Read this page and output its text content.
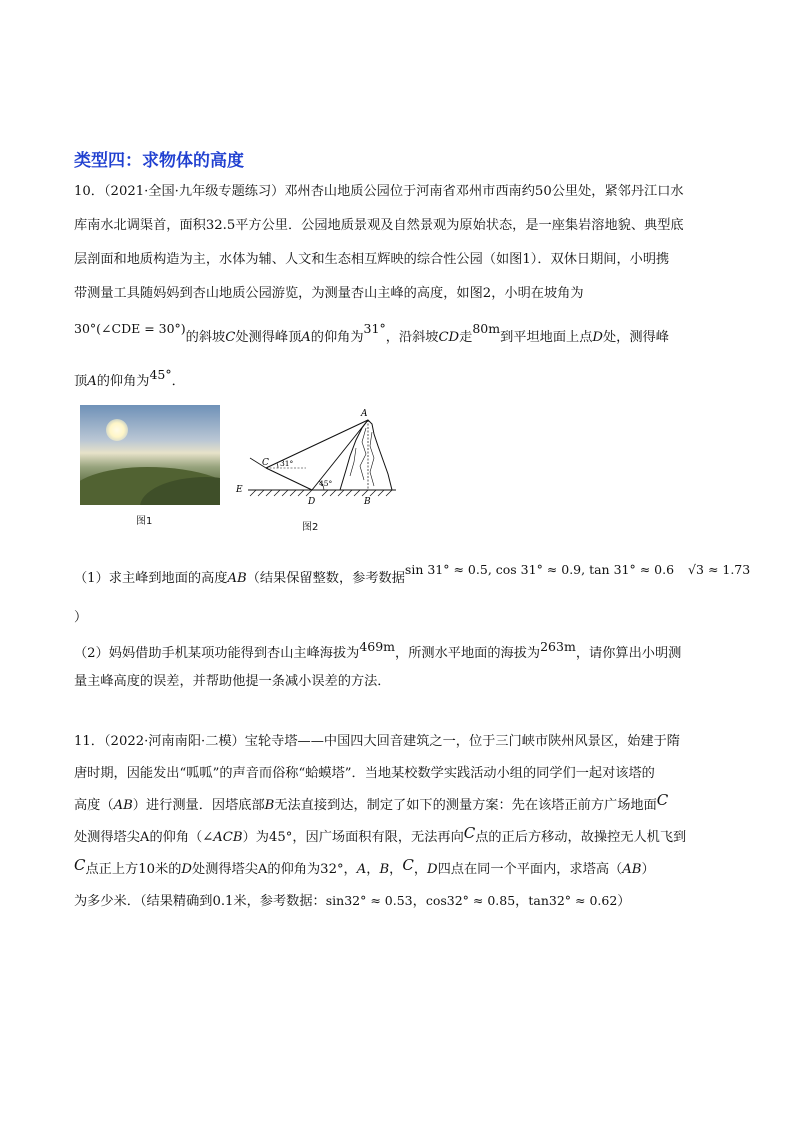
类型四：求物体的高度
10．（2021·全国·九年级专题练习）邓州杏山地质公园位于河南省邓州市西南约50公里处，紧邻丹江口水
库南水北调渠首，面积32.5平方公里．公园地质景观及自然景观为原始状态，是一座集岩溶地貌、典型底
层剖面和地质构造为主，水体为辅、人文和生态相互辉映的综合性公园（如图1）．双休日期间，小明携
带测量工具随妈妈到杏山地质公园游览，为测量杏山主峰的高度，如图2，小明在坡角为
30°(∠CDE = 30°)的斜坡C处测得峰顶A的仰角为31°，沿斜坡CD走80m到平坦地面上点D处，测得峰
顶A的仰角为45°．
图1
A
B
C
D
E
31°
45°
图2
（1）求主峰到地面的高度AB（结果保留整数，参考数据sin 31° ≈ 0.5, cos 31° ≈ 0.9, tan 31° ≈ 0.6 √3 ≈ 1.73
）
（2）妈妈借助手机某项功能得到杏山主峰海拔为469m，所测水平地面的海拔为263m，请你算出小明测
量主峰高度的误差，并帮助他提一条减小误差的方法．
11．（2022·河南南阳·二模）宝轮寺塔——中国四大回音建筑之一，位于三门峡市陕州风景区，始建于隋
唐时期，因能发出“呱呱”的声音而俗称“蛤蟆塔”．当地某校数学实践活动小组的同学们一起对该塔的
高度（AB）进行测量．因塔底部B无法直接到达，制定了如下的测量方案：先在该塔正前方广场地面C
处测得塔尖A的仰角（∠ACB）为45°，因广场面积有限，无法再向C点的正后方移动，故操控无人机飞到
C点正上方10米的D处测得塔尖A的仰角为32°，A，B，C，D四点在同一个平面内，求塔高（AB）
为多少米．（结果精确到0.1米，参考数据：sin32° ≈ 0.53，cos32° ≈ 0.85，tan32° ≈ 0.62）
